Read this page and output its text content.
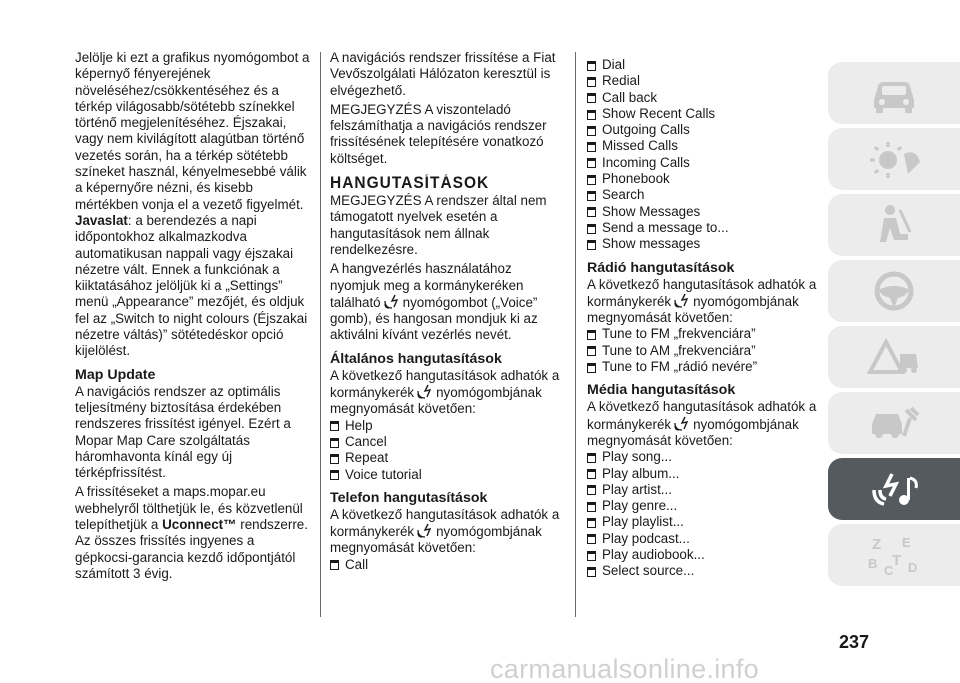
Jelölje ki ezt a grafikus nyomógombot a képernyő fényerejének növeléséhez/csökkentéséhez és a térkép világosabb/sötétebb színekkel történő megjelenítéséhez. Éjszakai, vagy nem kivilágított alagútban történő vezetés során, ha a térkép sötétebb színeket használ, kényelmesebbé válik a képernyőre nézni, és kisebb mértékben vonja el a vezető figyelmét.

Javaslat: a berendezés a napi időpontokhoz alkalmazkodva automatikusan nappali vagy éjszakai nézetre vált. Ennek a funkciónak a kiiktatásához jelöljük ki a „Settings” menü „Appearance” mezőjét, és oldjuk fel az „Switch to night colours (Éjszakai nézetre váltás)” sötétedéskor opció kijelölést.

Map Update

A navigációs rendszer az optimális teljesítmény biztosítása érdekében rendszeres frissítést igényel. Ezért a Mopar Map Care szolgáltatás háromhavonta kínál egy új térképfrissítést.

A frissítéseket a maps.mopar.eu webhelyről tölthetjük le, és közvetlenül telepíthetjük a Uconnect™ rendszerre. Az összes frissítés ingyenes a gépkocsi-garancia kezdő időpontjától számított 3 évig.

A navigációs rendszer frissítése a Fiat Vevőszolgálati Hálózaton keresztül is elvégezhető.

MEGJEGYZÉS A viszonteladó felszámíthatja a navigációs rendszer frissítésének telepítésére vonatkozó költséget.

HANGUTASÍTÁSOK

MEGJEGYZÉS A rendszer által nem támogatott nyelvek esetén a hangutasítások nem állnak rendelkezésre.

A hangvezérlés használatához nyomjuk meg a kormánykeréken található nyomógombot („Voice” gomb), és hangosan mondjuk ki az aktiválni kívánt vezérlés nevét.

Általános hangutasítások

A következő hangutasítások adhatók a kormánykerék nyomógombjának megnyomását követően:

Help
Cancel
Repeat
Voice tutorial
Telefon hangutasítások

A következő hangutasítások adhatók a kormánykerék nyomógombjának megnyomását követően:

Call
Dial
Redial
Call back
Show Recent Calls
Outgoing Calls
Missed Calls
Incoming Calls
Phonebook
Search
Show Messages
Send a message to...
Show messages
Rádió hangutasítások

A következő hangutasítások adhatók a kormánykerék nyomógombjának megnyomását követően:

Tune to FM „frekvenciára”
Tune to AM „frekvenciára”
Tune to FM „rádió nevére”
Média hangutasítások

A következő hangutasítások adhatók a kormánykerék nyomógombjának megnyomását követően:

Play song...
Play album...
Play artist...
Play genre...
Play playlist...
Play podcast...
Play audiobook...
Select source...
Z E
B C
T D
237
carmanualsonline.info
